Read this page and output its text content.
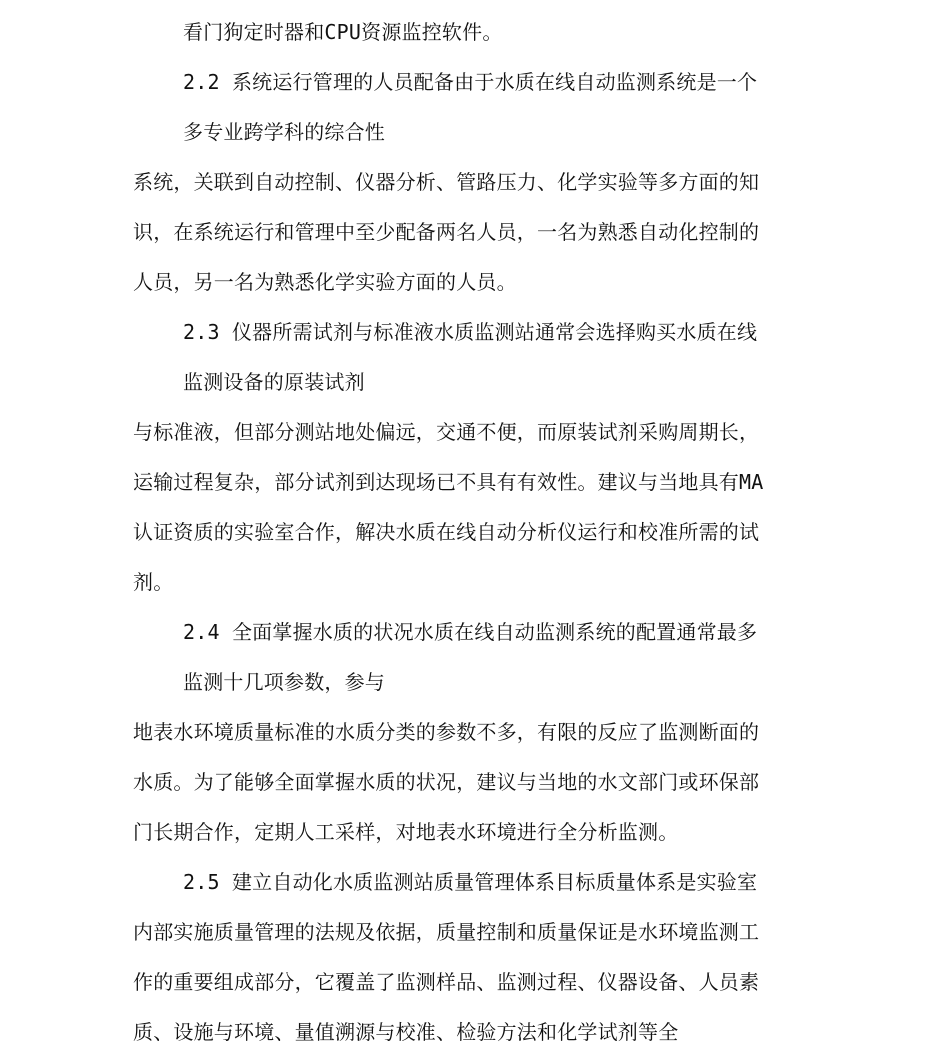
看门狗定时器和CPU资源监控软件。
2.2 系统运行管理的人员配备由于水质在线自动监测系统是一个
多专业跨学科的综合性
系统，关联到自动控制、仪器分析、管路压力、化学实验等多方面的知
识，在系统运行和管理中至少配备两名人员，一名为熟悉自动化控制的
人员，另一名为熟悉化学实验方面的人员。
2.3 仪器所需试剂与标准液水质监测站通常会选择购买水质在线
监测设备的原装试剂
与标准液，但部分测站地处偏远，交通不便，而原装试剂采购周期长，
运输过程复杂，部分试剂到达现场已不具有有效性。建议与当地具有MA
认证资质的实验室合作，解决水质在线自动分析仪运行和校准所需的试
剂。
2.4 全面掌握水质的状况水质在线自动监测系统的配置通常最多
监测十几项参数，参与
地表水环境质量标准的水质分类的参数不多，有限的反应了监测断面的
水质。为了能够全面掌握水质的状况，建议与当地的水文部门或环保部
门长期合作，定期人工采样，对地表水环境进行全分析监测。
2.5 建立自动化水质监测站质量管理体系目标质量体系是实验室
内部实施质量管理的法规及依据，质量控制和质量保证是水环境监测工
作的重要组成部分，它覆盖了监测样品、监测过程、仪器设备、人员素
质、设施与环境、量值溯源与校准、检验方法和化学试剂等全
